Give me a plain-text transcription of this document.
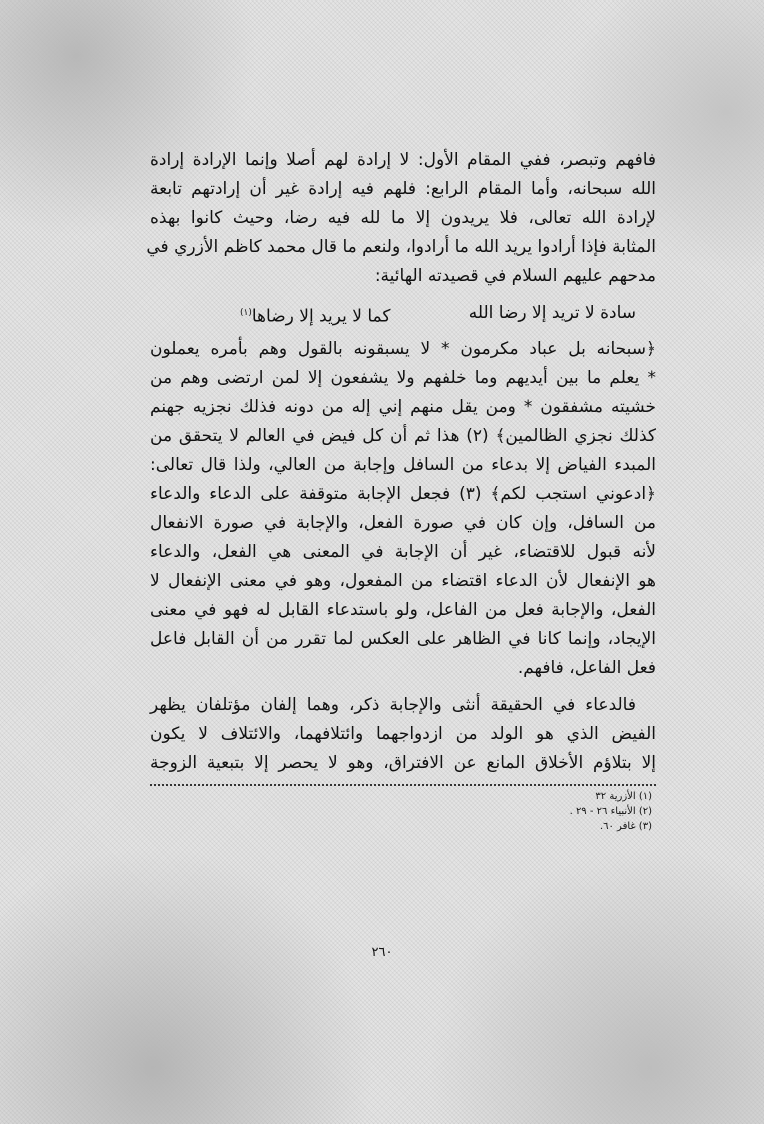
فافهم وتبصر، ففي المقام الأول: لا إرادة لهم أصلا وإنما الإرادة إرادة
الله سبحانه، وأما المقام الرابع: فلهم فيه إرادة غير أن إرادتهم تابعة
لإرادة الله تعالى، فلا يريدون إلا ما لله فيه رضا، وحيث كانوا بهذه
المثابة فإذا أرادوا يريد الله ما أرادوا، ولنعم ما قال محمد كاظم الأزري في
مدحهم عليهم السلام في قصيدته الهائية:
سادة لا تريد إلا رضا الله
كما لا يريد إلا رضاها$^{(١)}$
﴿سبحانه بل عباد مكرمون * لا يسبقونه بالقول وهم بأمره يعملون
* يعلم ما بين أيديهم وما خلفهم ولا يشفعون إلا لمن ارتضى وهم من
خشيته مشفقون * ومن يقل منهم إني إله من دونه فذلك نجزيه جهنم
كذلك نجزي الظالمين﴾ (٢) هذا ثم أن كل فيض في العالم لا يتحقق من
المبدء الفياض إلا بدعاء من السافل وإجابة من العالي، ولذا قال تعالى:
﴿ادعوني استجب لكم﴾ (٣) فجعل الإجابة متوقفة على الدعاء والدعاء
من السافل، وإن كان في صورة الفعل، والإجابة في صورة الانفعال
لأنه قبول للاقتضاء، غير أن الإجابة في المعنى هي الفعل، والدعاء
هو الإنفعال لأن الدعاء اقتضاء من المفعول، وهو في معنى الإنفعال لا
الفعل، والإجابة فعل من الفاعل، ولو باستدعاء القابل له فهو في معنى
الإيجاد، وإنما كانا في الظاهر على العكس لما تقرر من أن القابل فاعل
فعل الفاعل، فافهم.
فالدعاء في الحقيقة أنثى والإجابة ذكر، وهما إلفان مؤتلفان يظهر
الفيض الذي هو الولد من ازدواجهما وائتلافهما، والائتلاف لا يكون
إلا بتلاؤم الأخلاق المانع عن الافتراق، وهو لا يحصر إلا بتبعية الزوجة
(١) الأزرية ٣٢
(٢) الأنبياء ٢٦ - ٢٩ .
(٣) غافر ٦٠.
٢٦٠
